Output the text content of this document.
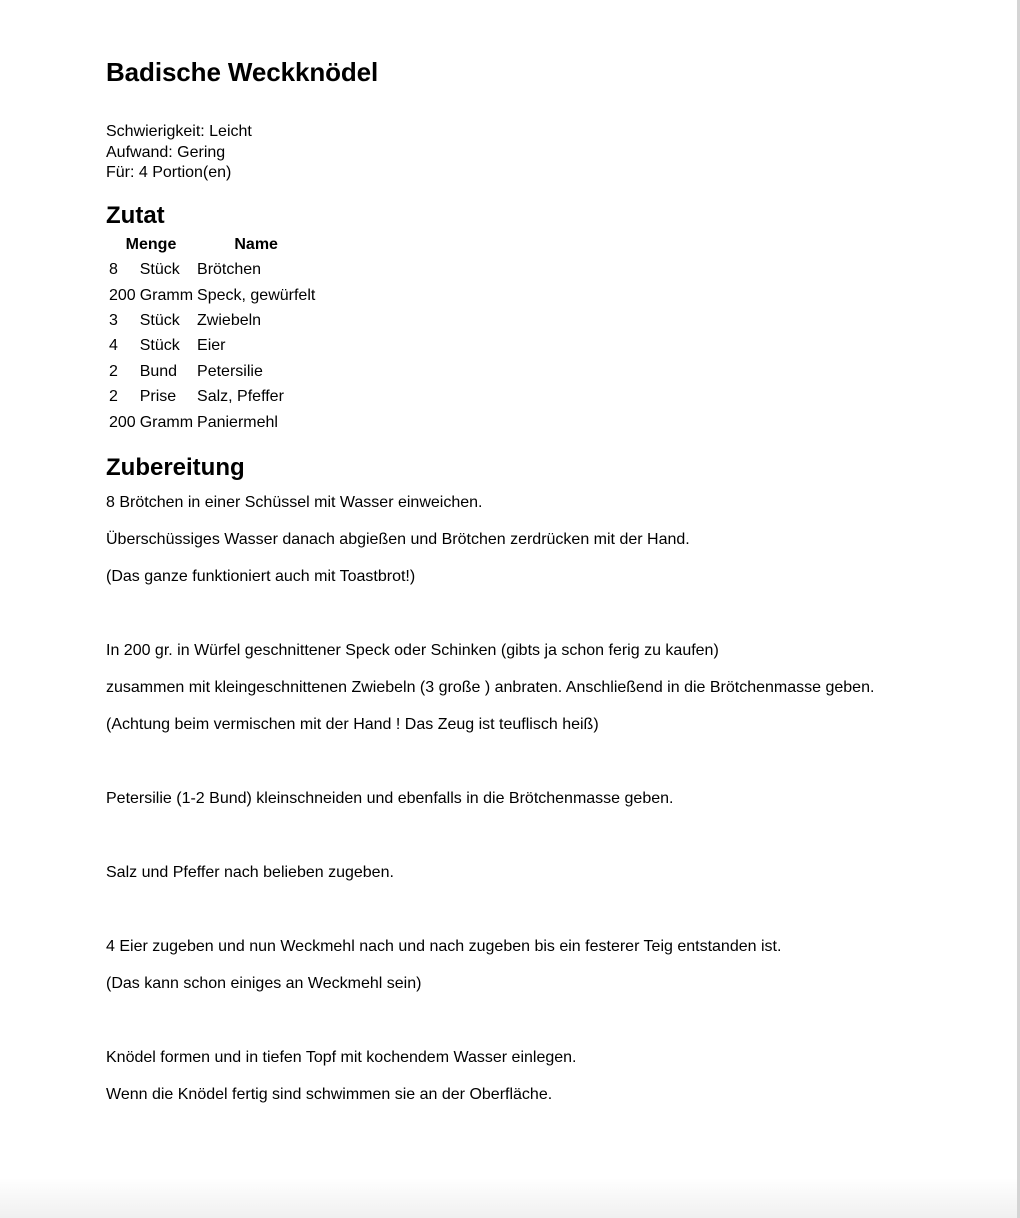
Badische Weckknödel
Schwierigkeit: Leicht
Aufwand: Gering
Für: 4 Portion(en)
Zutat
Menge		Name
8	Stück	Brötchen
200	Gramm	Speck, gewürfelt
3	Stück	Zwiebeln
4	Stück	Eier
2	Bund	Petersilie
2	Prise	Salz, Pfeffer
200	Gramm	Paniermehl
Zubereitung

8 Brötchen in einer Schüssel mit Wasser einweichen.

Überschüssiges Wasser danach abgießen und Brötchen zerdrücken mit der Hand.

(Das ganze funktioniert auch mit Toastbrot!)

In 200 gr. in Würfel geschnittener Speck oder Schinken (gibts ja schon ferig zu kaufen)

zusammen mit kleingeschnittenen Zwiebeln (3 große ) anbraten. Anschließend in die Brötchenmasse geben.

(Achtung beim vermischen mit der Hand ! Das Zeug ist teuflisch heiß)

Petersilie (1-2 Bund) kleinschneiden und ebenfalls in die Brötchenmasse geben.

Salz und Pfeffer nach belieben zugeben.

4 Eier zugeben und nun Weckmehl nach und nach zugeben bis ein festerer Teig entstanden ist.

(Das kann schon einiges an Weckmehl sein)

Knödel formen und in tiefen Topf mit kochendem Wasser einlegen.

Wenn die Knödel fertig sind schwimmen sie an der Oberfläche.
